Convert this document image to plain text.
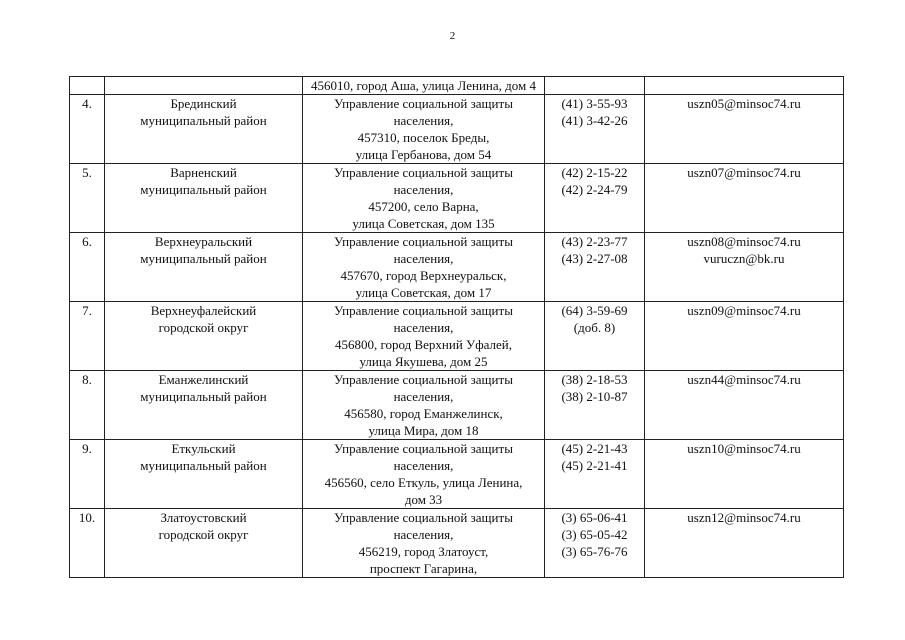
2
		456010, город Аша, улица Ленина, дом 4		
4.	Брединский
муниципальный район	Управление социальной защиты
населения,
457310, поселок Бреды,
улица Гербанова, дом 54	(41) 3-55-93
(41) 3-42-26	uszn05@minsoc74.ru

5.	Варненский
муниципальный район	Управление социальной защиты
населения,
457200, село Варна,
улица Советская, дом 135	(42) 2-15-22
(42) 2-24-79	uszn07@minsoc74.ru

6.	Верхнеуральский
муниципальный район	Управление социальной защиты
населения,
457670, город Верхнеуральск,
улица Советская, дом 17	(43) 2-23-77
(43) 2-27-08	uszn08@minsoc74.ru
vuruczn@bk.ru

7.	Верхнеуфалейский
городской округ	Управление социальной защиты
населения,
456800, город Верхний Уфалей,
улица Якушева, дом 25	(64) 3-59-69
(доб. 8)	uszn09@minsoc74.ru

8.	Еманжелинский
муниципальный район	Управление социальной защиты
населения,
456580, город Еманжелинск,
улица Мира, дом 18	(38) 2-18-53
(38) 2-10-87	uszn44@minsoc74.ru

9.	Еткульский
муниципальный район	Управление социальной защиты
населения,
456560, село Еткуль, улица Ленина,
дом 33	(45) 2-21-43
(45) 2-21-41	uszn10@minsoc74.ru

10.	Златоустовский
городской округ	Управление социальной защиты
населения,
456219, город Златоуст,
проспект Гагарина,	(3) 65-06-41
(3) 65-05-42
(3) 65-76-76	uszn12@minsoc74.ru
